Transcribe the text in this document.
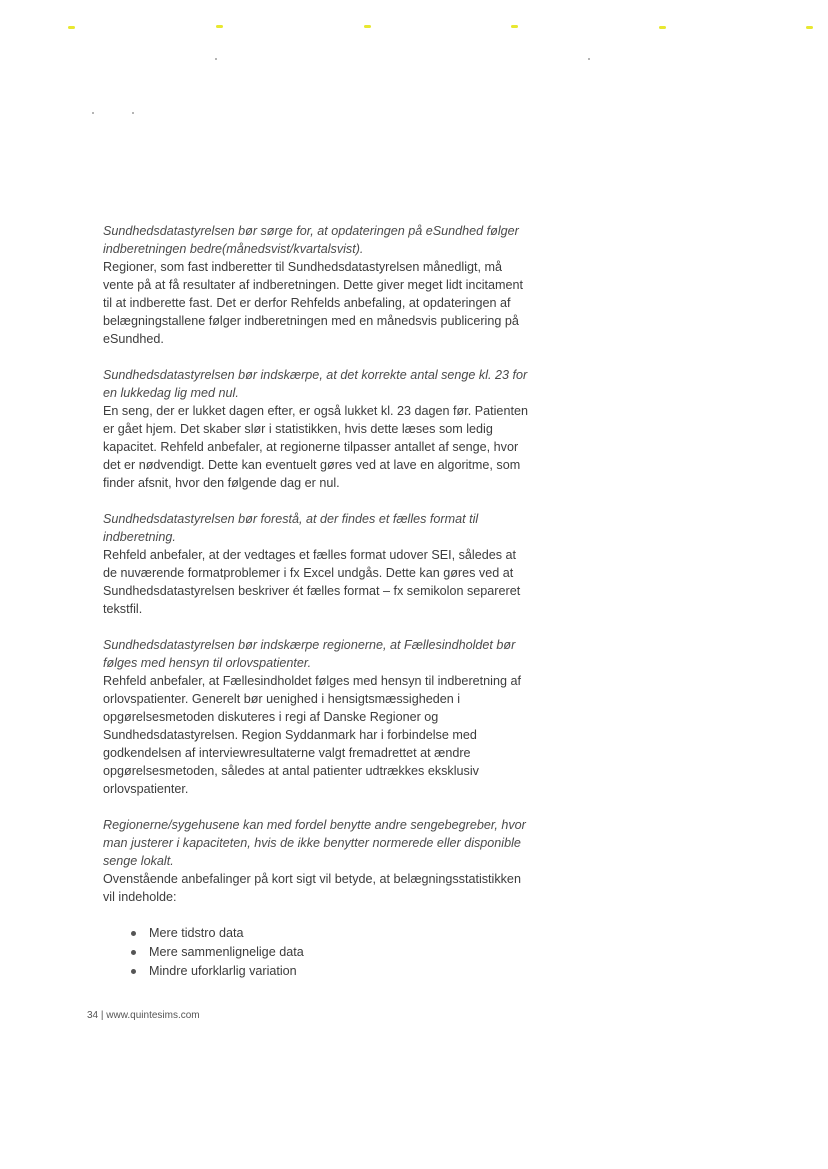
Sundhedsdatastyrelsen bør sørge for, at opdateringen på eSundhed følger indberetningen bedre(månedsvist/kvartalsvist).

Regioner, som fast indberetter til Sundhedsdatastyrelsen månedligt, må vente på at få resultater af indberetningen. Dette giver meget lidt incitament til at indberette fast. Det er derfor Rehfelds anbefaling, at opdateringen af belægningstallene følger indberetningen med en månedsvis publicering på eSundhed.

Sundhedsdatastyrelsen bør indskærpe, at det korrekte antal senge kl. 23 for en lukkedag lig med nul.

En seng, der er lukket dagen efter, er også lukket kl. 23 dagen før. Patienten er gået hjem. Det skaber slør i statistikken, hvis dette læses som ledig kapacitet. Rehfeld anbefaler, at regionerne tilpasser antallet af senge, hvor det er nødvendigt. Dette kan eventuelt gøres ved at lave en algoritme, som finder afsnit, hvor den følgende dag er nul.

Sundhedsdatastyrelsen bør forestå, at der findes et fælles format til indberetning.

Rehfeld anbefaler, at der vedtages et fælles format udover SEI, således at de nuværende formatproblemer i fx Excel undgås. Dette kan gøres ved at Sundhedsdatastyrelsen beskriver ét fælles format – fx semikolon separeret tekstfil.

Sundhedsdatastyrelsen bør indskærpe regionerne, at Fællesindholdet bør følges med hensyn til orlovspatienter.

Rehfeld anbefaler, at Fællesindholdet følges med hensyn til indberetning af orlovspatienter. Generelt bør uenighed i hensigtsmæssigheden i opgørelsesmetoden diskuteres i regi af Danske Regioner og Sundhedsdatastyrelsen. Region Syddanmark har i forbindelse med godkendelsen af interviewresultaterne valgt fremadrettet at ændre opgørelsesmetoden, således at antal patienter udtrækkes eksklusiv orlovspatienter.

Regionerne/sygehusene kan med fordel benytte andre sengebegreber, hvor man justerer i kapaciteten, hvis de ikke benytter normerede eller disponible senge lokalt.

Ovenstående anbefalinger på kort sigt vil betyde, at belægningsstatistikken vil indeholde:

Mere tidstro data
Mere sammenlignelige data
Mindre uforklarlig variation
34 | www.quintesims.com
